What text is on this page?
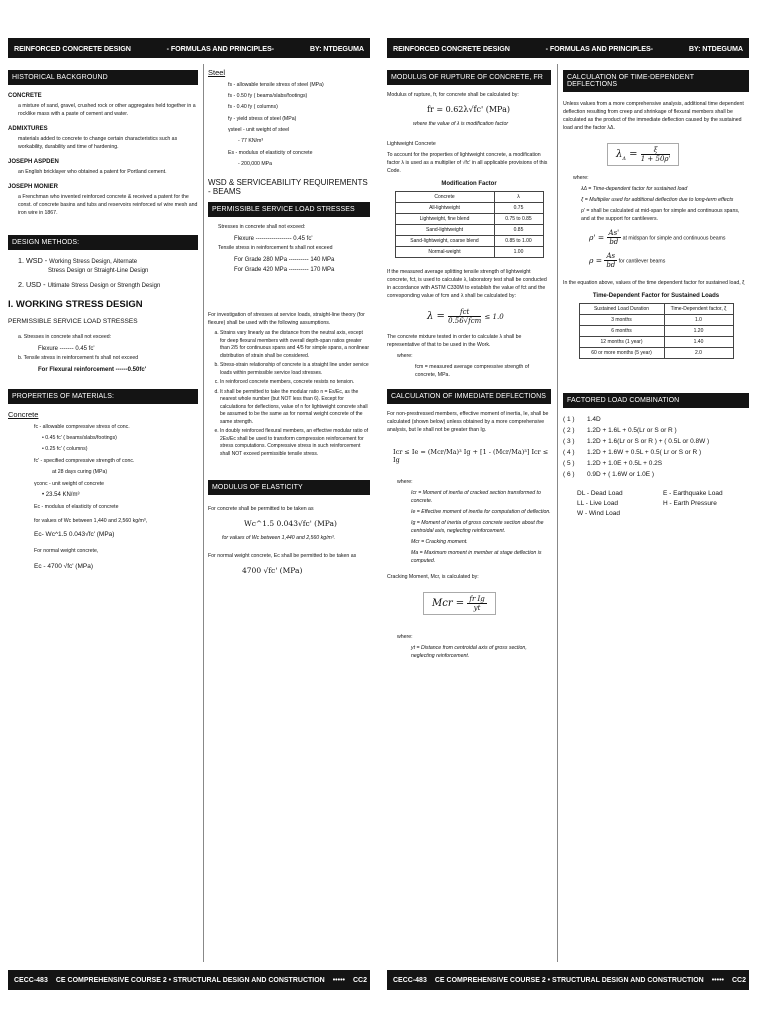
REINFORCED CONCRETE DESIGN	- FORMULAS AND PRINCIPLES-	BY: NTDEGUMA
HISTORICAL BACKGROUND
CONCRETE
a mixture of sand, gravel, crushed rock or other aggregates held together in a rocklike mass with a paste of cement and water.
ADMIXTURES
materials added to concrete to change certain characteristics such as workability, durability and time of hardening.
JOSEPH ASPDEN
an English bricklayer who obtained a patent for Portland cement.
JOSEPH MONIER
a Frenchman who invented reinforced concrete & received a patent for the const. of concrete basins and tubs and reservoirs reinforced w/ wire mesh and iron wire in 1867.
DESIGN METHODS:
1. WSD - Working Stress Design, Alternate
Stress Design or Straight-Line Design
2. USD - Ultimate Stress Design or Strength Design
I. WORKING STRESS DESIGN
PERMISSIBLE SERVICE LOAD STRESSES
a. Stresses in concrete shall not exceed:
Flexure ------- 0.45 fc'
b. Tensile stress in reinforcement fs shall not exceed
For Flexural reinforcement ------0.50fc'
PROPERTIES OF MATERIALS:
Concrete
fc - allowable compressive stress of conc.
• 0.45 fc' ( beams/slabs/footings)
• 0.25 fc' ( columns)
fc' - specified compressive strength of conc.
at 28 days curing (MPa)
γconc - unit weight of concrete
• 23.54 KN/m³
Ec - modulus of elasticity of concrete
for values of Wc between 1,440 and 2,560 kg/m³,
Ec- Wc^1.5 0.043√fc' (MPa)
For normal weight concrete,
Ec - 4700 √fc' (MPa)
Steel
fs - allowable tensile stress of steel (MPa)
fs - 0.50 fy ( beams/slabs/footings)
fs - 0.40 fy ( columns)
fy - yield stress of steel (MPa)
γsteel - unit weight of steel
- 77 KN/m³
Es - modulus of elasticity of concrete
- 200,000 MPa
WSD & SERVICEABILITY REQUIREMENTS - BEAMS
PERMISSIBLE SERVICE LOAD STRESSES
Stresses in concrete shall not exceed:
Flexure ------------------ 0.45 fc'
Tensile stress in reinforcement fs shall not exceed
For Grade 280 MPa ---------- 140 MPa
For Grade 420 MPa ---------- 170 MPa
For investigation of stresses at service loads, straight-line theory (for flexure) shall be used with the following assumptions.
a. Strains vary linearly as the distance from the neutral axis, except for deep flexural members with overall depth-span ratios greater than 2/5 for continuous spans and 4/5 for simple spans, a nonlinear distribution of strain shall be considered.
b. Stress-strain relationship of concrete is a straight line under service loads within permissible service load stresses.
c. In reinforced concrete members, concrete resists no tension.
d. It shall be permitted to take the modular ratio n = Es/Ec, as the nearest whole number (but NOT less than 6). Except for calculations for deflections, value of n for lightweight concrete shall be assumed to be the same as for normal weight concrete of the same strength.
e. In doubly reinforced flexural members, an effective modular ratio of 2Es/Ec shall be used to transform compression reinforcement for stress computations. Compressive stress in such reinforcement shall NOT exceed permissible tensile stress.
MODULUS OF ELASTICITY
For concrete shall be permitted to be taken as
Wc^1.5 0.043√fc' (MPa)
for values of Wc between 1,440 and 2,560 kg/m³.
For normal weight concrete, Ec shall be permitted to be taken as
4700 √fc' (MPa)
CECC-483 CE COMPREHENSIVE COURSE 2 • STRUCTURAL DESIGN AND CONSTRUCTION ••••• CC2
REINFORCED CONCRETE DESIGN	- FORMULAS AND PRINCIPLES-	BY: NTDEGUMA
MODULUS OF RUPTURE OF CONCRETE, FR
Modulus of rupture, fr, for concrete shall be calculated by:
fr = 0.62λ√fc' (MPa)
where the value of λ is modification factor
Lightweight Concrete
To account for the properties of lightweight concrete, a modification factor λ is used as a multiplier of √fc' in all applicable provisions of this Code.
Modification Factor
Concrete	λ
All-lightweight	0.75
Lightweight, fine blend	0.75 to 0.85
Sand-lightweight	0.85
Sand-lightweight, coarse blend	0.85 to 1.00
Normal-weight	1.00
If the measured average splitting tensile strength of lightweight concrete, fct, is used to calculate λ, laboratory test shall be conducted in accordance with ASTM C330M to establish the value of fct and the corresponding value of fcm and λ shall be calculated by:
$\lambda = \frac{\text{fct}}{\text{0.56√fcm}} \le 1.0$
The concrete mixture tested in order to calculate λ shall be representative of that to be used in the Work.
where:
fcm = measured average compressive strength of concrete, MPa.
CALCULATION OF IMMEDIATE DEFLECTIONS
For non-prestressed members, effective moment of inertia, Ie, shall be calculated (shown below) unless obtained by a more comprehensive analysis, but Ie shall not be greater than Ig.
Icr ≤ Ie = (Mcr/Ma)³ Ig + [1 - (Mcr/Ma)³] Icr ≤ Ig
where:
Icr = Moment of inertia of cracked section transformed to concrete.
Ie = Effective moment of inertia for computation of deflection.
Ig = Moment of inertia of gross concrete section about the centroidal axis, neglecting reinforcement.
Mcr = Cracking moment.
Ma = Maximum moment in member at stage deflection is computed.
Cracking Moment, Mcr, is calculated by:
Mcr = $\frac{\text{fr Ig}}{yt}$
where:
yt = Distance from centroidal axis of gross section, neglecting reinforcement.
CALCULATION OF TIME-DEPENDENT DEFLECTIONS
Unless values from a more comprehensive analysis, additional time dependent deflection resulting from creep and shrinkage of flexural members shall be calculated as the product of the immediate deflection caused by the sustained load and the factor λΔ.
$\lambda_\Delta = \frac{\xi}{1 + 50\rho'}$
where:
λΔ = Time-dependent factor for sustained load
ξ = Multiplier used for additional deflection due to long-term effects
ρ' = shall be calculated at mid-span for simple and continuous spans, and at the support for cantilevers.
$\rho' = \frac{As'}{bd}$ at midspan for simple and continuous beams
$\rho = \frac{As}{bd}$ for cantilever beams
In the equation above, values of the time dependent factor for sustained load, ξ
Time-Dependent Factor for Sustained Loads
Sustained Load Duration	Time-Dependent factor, ξ
3 months	1.0
6 months	1.20
12 months (1 year)	1.40
60 or more months (5 year)	2.0
FACTORED LOAD COMBINATION
( 1 ) 1.4D
( 2 ) 1.2D + 1.6L + 0.5(Lr or S or R )
( 3 ) 1.2D + 1.6(Lr or S or R ) + ( 0.5L or 0.8W )
( 4 ) 1.2D + 1.6W + 0.5L + 0.5( Lr or S or R )
( 5 ) 1.2D + 1.0E + 0.5L + 0.2S
( 6 ) 0.9D + ( 1.6W or 1.0E )
DL - Dead Load	E - Earthquake Load
LL - Live Load	H - Earth Pressure
W - Wind Load
CECC-483 CE COMPREHENSIVE COURSE 2 • STRUCTURAL DESIGN AND CONSTRUCTION ••••• CC2
